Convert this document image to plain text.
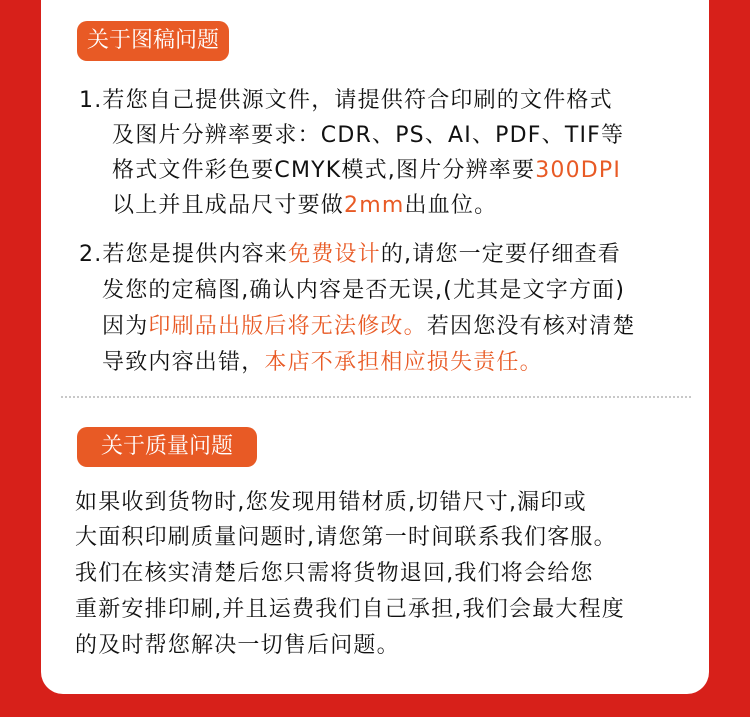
关于图稿问题
1.若您自己提供源文件，请提供符合印刷的文件格式
及图片分辨率要求：CDR、PS、AI、PDF、TIF等
格式文件彩色要CMYK模式,图片分辨率要300DPI
以上并且成品尺寸要做2mm出血位。
2.若您是提供内容来免费设计的,请您一定要仔细查看
发您的定稿图,确认内容是否无误,(尤其是文字方面)
因为印刷品出版后将无法修改。若因您没有核对清楚
导致内容出错，本店不承担相应损失责任。
关于质量问题
如果收到货物时,您发现用错材质,切错尺寸,漏印或
大面积印刷质量问题时,请您第一时间联系我们客服。
我们在核实清楚后您只需将货物退回,我们将会给您
重新安排印刷,并且运费我们自己承担,我们会最大程度
的及时帮您解决一切售后问题。
